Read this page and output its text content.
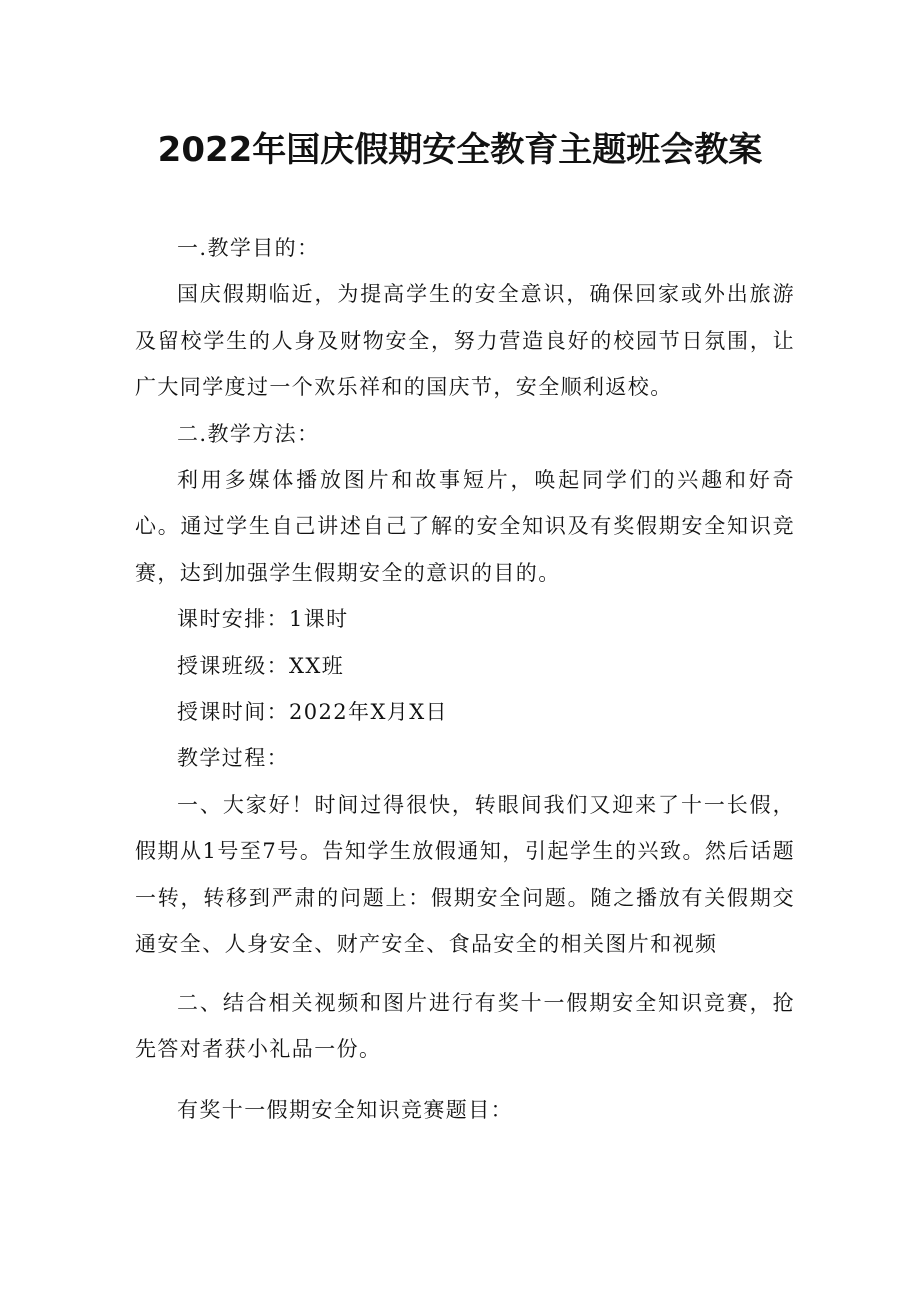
2022年国庆假期安全教育主题班会教案

一.教学目的：

国庆假期临近，为提高学生的安全意识，确保回家或外出旅游及留校学生的人身及财物安全，努力营造良好的校园节日氛围，让广大同学度过一个欢乐祥和的国庆节，安全顺利返校。

二.教学方法：

利用多媒体播放图片和故事短片，唤起同学们的兴趣和好奇心。通过学生自己讲述自己了解的安全知识及有奖假期安全知识竞赛，达到加强学生假期安全的意识的目的。

课时安排：1课时

授课班级：XX班

授课时间：2022年X月X日

教学过程：

一、大家好！时间过得很快，转眼间我们又迎来了十一长假，假期从1号至7号。告知学生放假通知，引起学生的兴致。然后话题一转，转移到严肃的问题上：假期安全问题。随之播放有关假期交通安全、人身安全、财产安全、食品安全的相关图片和视频

二、结合相关视频和图片进行有奖十一假期安全知识竞赛，抢先答对者获小礼品一份。

有奖十一假期安全知识竞赛题目：
